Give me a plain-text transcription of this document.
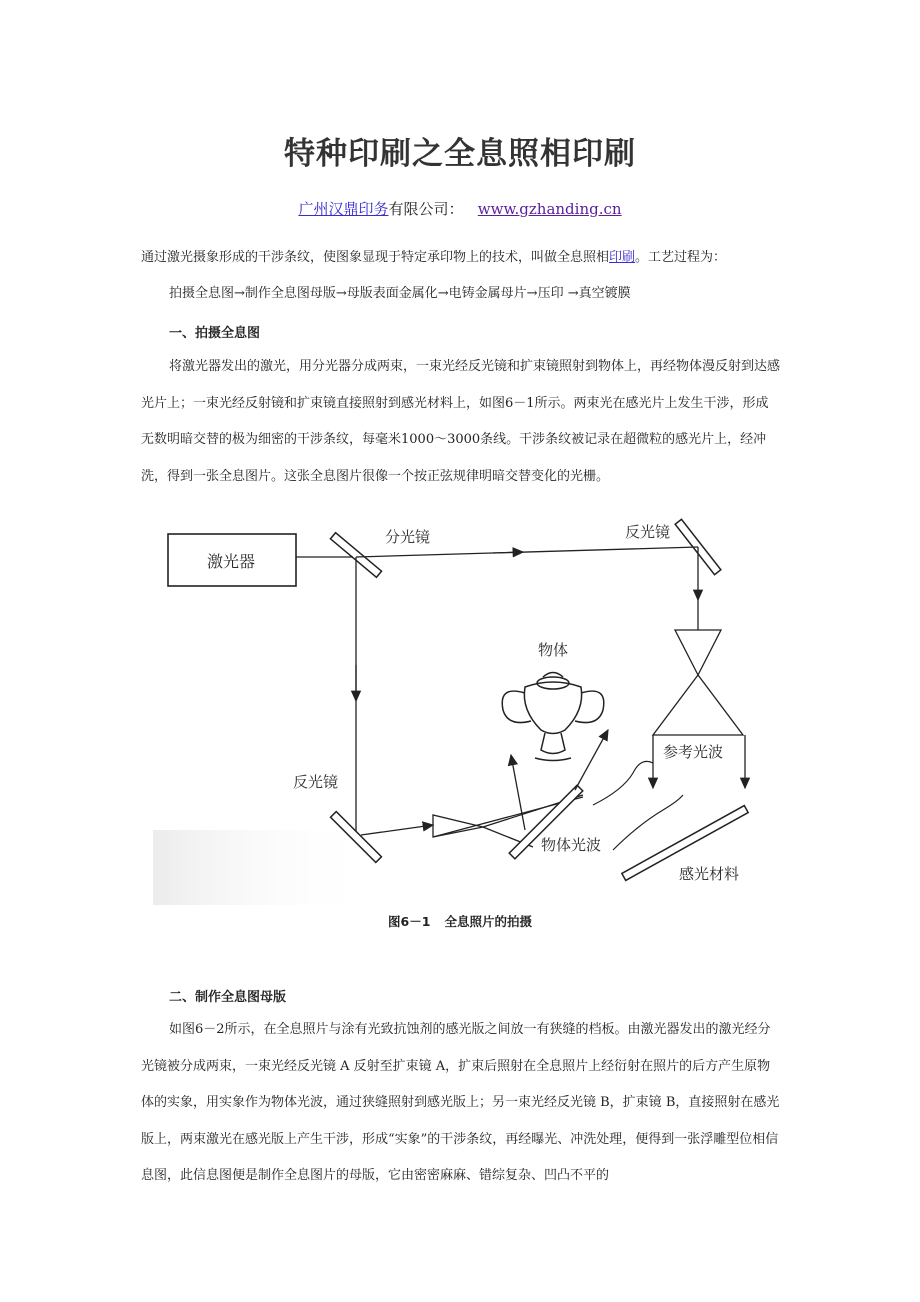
特种印刷之全息照相印刷
广州汉鼎印务有限公司： www.gzhanding.cn
通过激光摄象形成的干涉条纹，使图象显现于特定承印物上的技术，叫做全息照相印刷。工艺过程为：
拍摄全息图→制作全息图母版→母版表面金属化→电铸金属母片→压印 →真空镀膜
一、拍摄全息图
将激光器发出的激光，用分光器分成两束，一束光经反光镜和扩束镜照射到物体上，再经物体漫反射到达感光片上；一束光经反射镜和扩束镜直接照射到感光材料上，如图6－1所示。两束光在感光片上发生干涉，形成无数明暗交替的极为细密的干涉条纹，每毫米1000～3000条线。干涉条纹被记录在超微粒的感光片上，经冲洗，得到一张全息图片。这张全息图片很像一个按正弦规律明暗交替变化的光栅。
激光器
分光镜	反光镜
参考光波
反光镜
物体
物体光波
感光材料
图6－1 全息照片的拍摄
二、制作全息图母版
如图6－2所示，在全息照片与涂有光致抗蚀剂的感光版之间放一有狭缝的档板。由激光器发出的激光经分光镜被分成两束，一束光经反光镜 A 反射至扩束镜 A，扩束后照射在全息照片上经衍射在照片的后方产生原物体的实象，用实象作为物体光波，通过狭缝照射到感光版上；另一束光经反光镜 B，扩束镜 B，直接照射在感光版上，两束激光在感光版上产生干涉，形成“实象”的干涉条纹，再经曝光、冲洗处理，便得到一张浮雕型位相信息图，此信息图便是制作全息图片的母版，它由密密麻麻、错综复杂、凹凸不平的
